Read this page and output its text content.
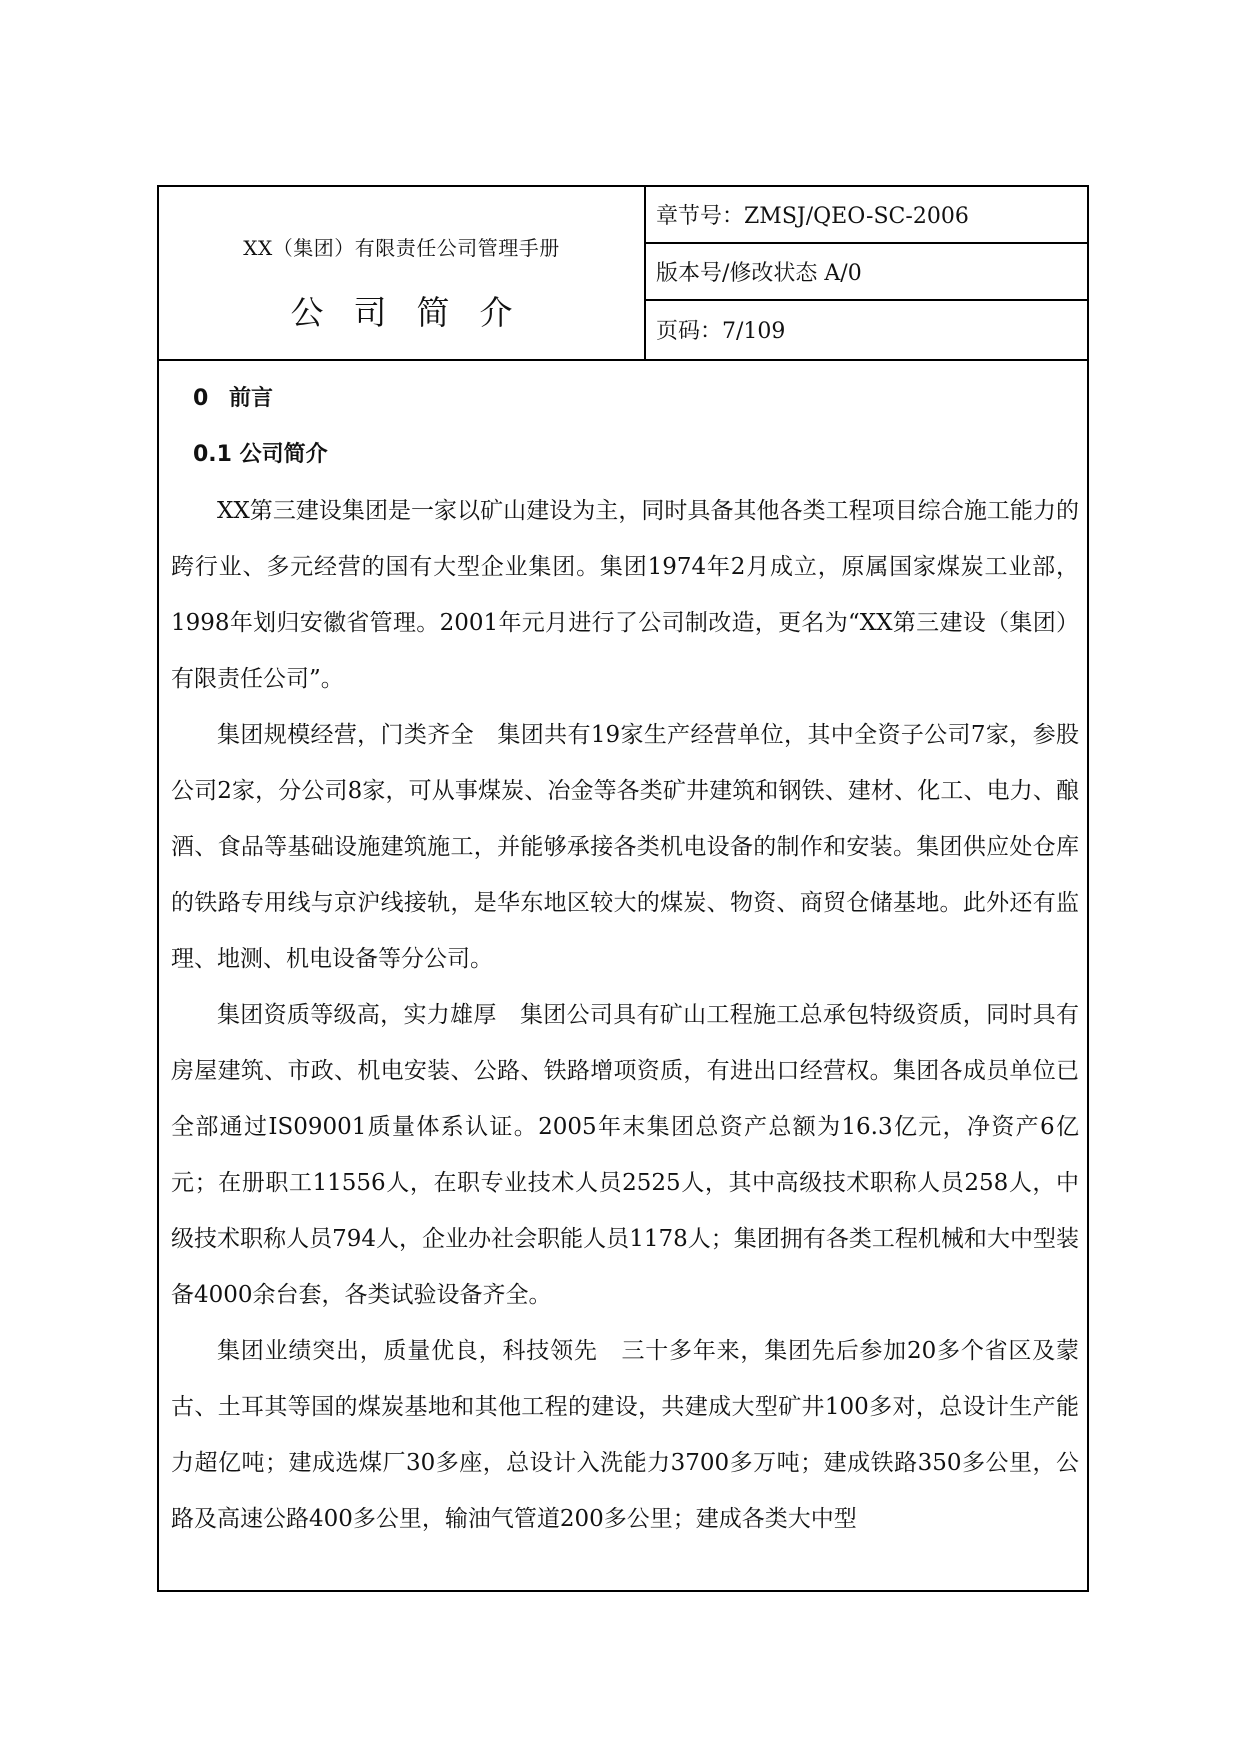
XX（集团）有限责任公司管理手册
公司简介
章节号：ZMSJ/QEO-SC-2006
版本号/修改状态 A/0
页码：7/109
0 前言
0.1 公司简介

XX第三建设集团是一家以矿山建设为主，同时具备其他各类工程项目综合施工能力的跨行业、多元经营的国有大型企业集团。集团1974年2月成立，原属国家煤炭工业部，1998年划归安徽省管理。2001年元月进行了公司制改造，更名为“XX第三建设（集团）有限责任公司”。

集团规模经营，门类齐全　集团共有19家生产经营单位，其中全资子公司7家，参股公司2家，分公司8家，可从事煤炭、冶金等各类矿井建筑和钢铁、建材、化工、电力、酿酒、食品等基础设施建筑施工，并能够承接各类机电设备的制作和安装。集团供应处仓库的铁路专用线与京沪线接轨，是华东地区较大的煤炭、物资、商贸仓储基地。此外还有监理、地测、机电设备等分公司。

集团资质等级高，实力雄厚　集团公司具有矿山工程施工总承包特级资质，同时具有房屋建筑、市政、机电安装、公路、铁路增项资质，有进出口经营权。集团各成员单位已全部通过IS09001质量体系认证。2005年末集团总资产总额为16.3亿元，净资产6亿元；在册职工11556人，在职专业技术人员2525人，其中高级技术职称人员258人，中级技术职称人员794人，企业办社会职能人员1178人；集团拥有各类工程机械和大中型装备4000余台套，各类试验设备齐全。

集团业绩突出，质量优良，科技领先　三十多年来，集团先后参加20多个省区及蒙古、土耳其等国的煤炭基地和其他工程的建设，共建成大型矿井100多对，总设计生产能力超亿吨；建成选煤厂30多座，总设计入洗能力3700多万吨；建成铁路350多公里，公路及高速公路400多公里，输油气管道200多公里；建成各类大中型
